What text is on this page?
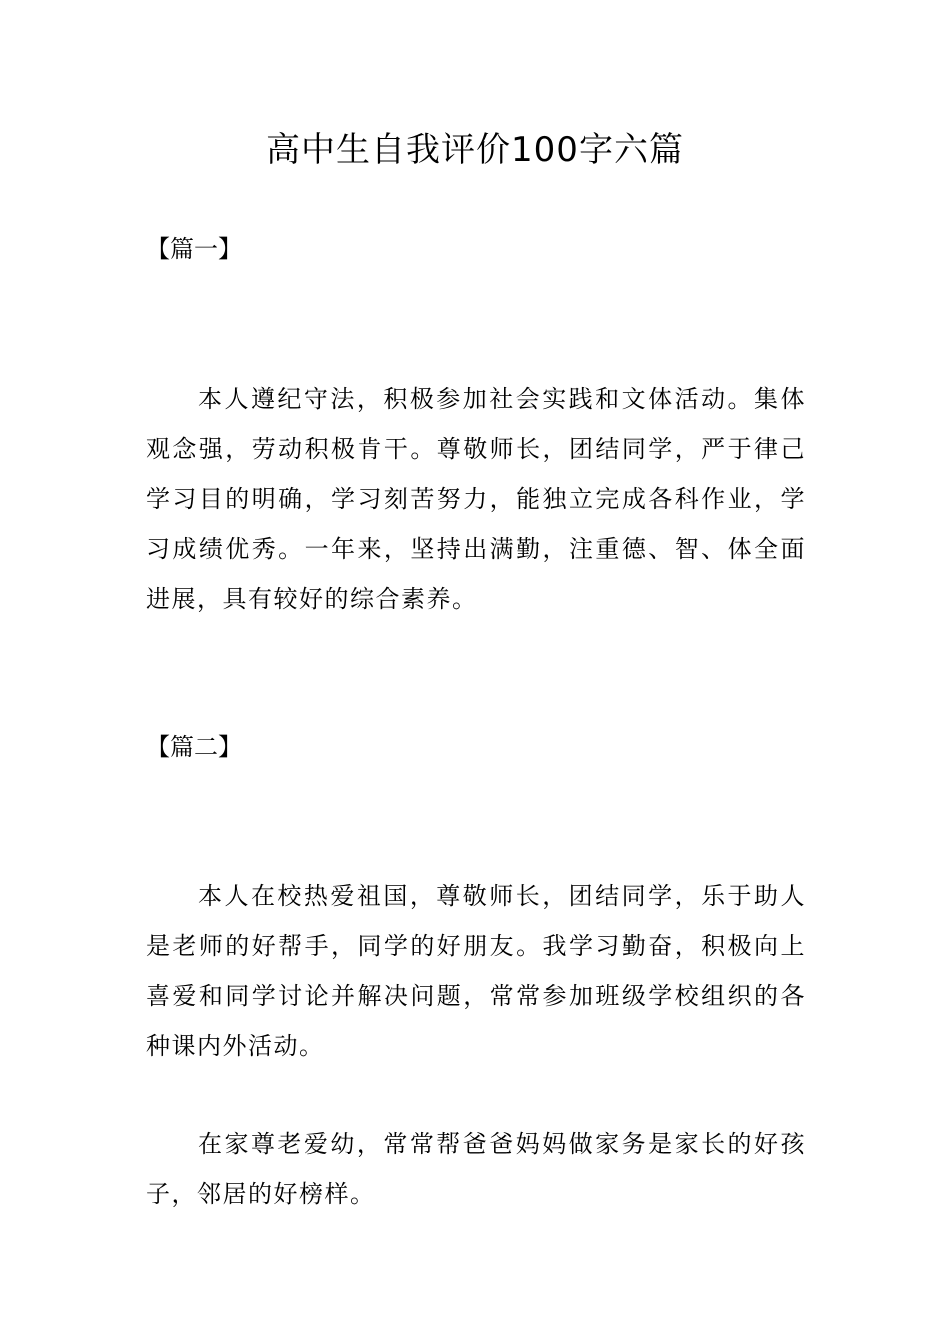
高中生自我评价100字六篇
【篇一】

本人遵纪守法，积极参加社会实践和文体活动。集体观念强，劳动积极肯干。尊敬师长，团结同学，严于律己学习目的明确，学习刻苦努力，能独立完成各科作业，学习成绩优秀。一年来，坚持出满勤，注重德、智、体全面进展，具有较好的综合素养。

【篇二】

本人在校热爱祖国，尊敬师长，团结同学，乐于助人是老师的好帮手，同学的好朋友。我学习勤奋，积极向上喜爱和同学讨论并解决问题，常常参加班级学校组织的各种课内外活动。

在家尊老爱幼，常常帮爸爸妈妈做家务是家长的好孩子，邻居的好榜样。
